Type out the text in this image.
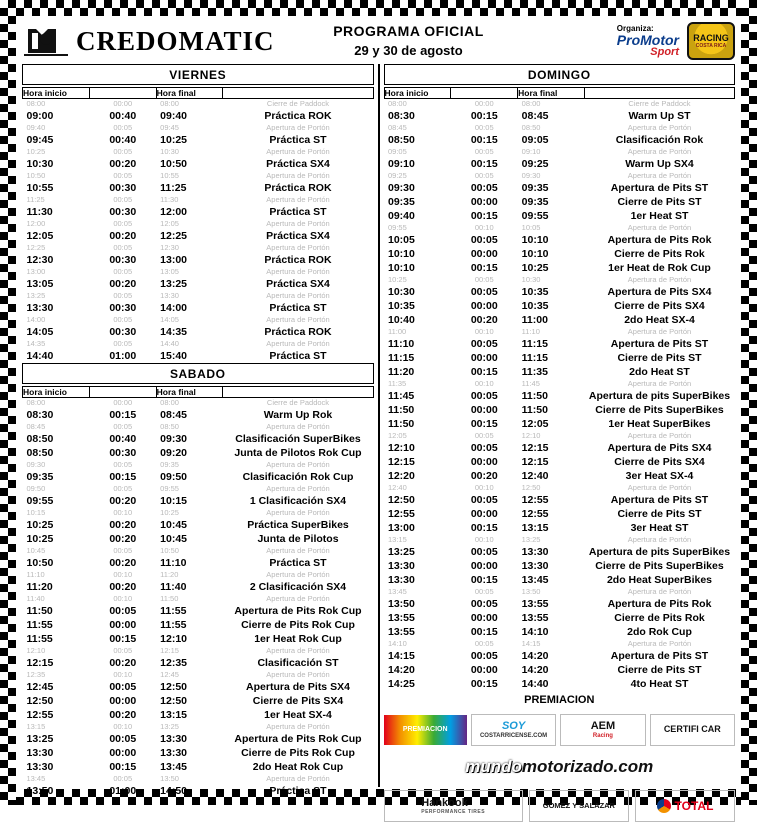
CREDOMATIC	PROGRAMA OFICIAL
29 y 30 de agosto
Organiza:
ProMotor
Sport
RACING
COSTA RICA
VIERNES
Hora inicio		Hora final	
08:00	00:00	08:00	Cierre de Paddock
09:00	00:40	09:40	Práctica ROK
09:40	00:05	09:45	Apertura de Portón
09:45	00:40	10:25	Práctica ST
10:25	00:05	10:30	Apertura de Portón
10:30	00:20	10:50	Práctica SX4
10:50	00:05	10:55	Apertura de Portón
10:55	00:30	11:25	Práctica ROK
11:25	00:05	11:30	Apertura de Portón
11:30	00:30	12:00	Práctica ST
12:00	00:05	12:05	Apertura de Portón
12:05	00:20	12:25	Práctica SX4
12:25	00:05	12:30	Apertura de Portón
12:30	00:30	13:00	Práctica ROK
13:00	00:05	13:05	Apertura de Portón
13:05	00:20	13:25	Práctica SX4
13:25	00:05	13:30	Apertura de Portón
13:30	00:30	14:00	Práctica ST
14:00	00:05	14:05	Apertura de Portón
14:05	00:30	14:35	Práctica ROK
14:35	00:05	14:40	Apertura de Portón
14:40	01:00	15:40	Práctica ST
SABADO
Hora inicio		Hora final	
08:00	00:00	08:00	Cierre de Paddock
08:30	00:15	08:45	Warm Up Rok
08:45	00:05	08:50	Apertura de Portón
08:50	00:40	09:30	Clasificación SuperBikes
08:50	00:30	09:20	Junta de Pilotos Rok Cup
09:30	00:05	09:35	Apertura de Portón
09:35	00:15	09:50	Clasificación Rok Cup
09:50	00:05	09:55	Apertura de Portón
09:55	00:20	10:15	1 Clasificación SX4
10:15	00:10	10:25	Apertura de Portón
10:25	00:20	10:45	Práctica SuperBikes
10:25	00:20	10:45	Junta de Pilotos
10:45	00:05	10:50	Apertura de Portón
10:50	00:20	11:10	Práctica ST
11:10	00:10	11:20	Apertura de Portón
11:20	00:20	11:40	2 Clasificación SX4
11:40	00:10	11:50	Apertura de Portón
11:50	00:05	11:55	Apertura de Pits Rok Cup
11:55	00:00	11:55	Cierre de Pits Rok Cup
11:55	00:15	12:10	1er Heat Rok Cup
12:10	00:05	12:15	Apertura de Portón
12:15	00:20	12:35	Clasificación ST
12:35	00:10	12:45	Apertura de Portón
12:45	00:05	12:50	Apertura de Pits SX4
12:50	00:00	12:50	Cierre de Pits SX4
12:55	00:20	13:15	1er Heat SX-4
13:15	00:10	13:25	Apertura de Portón
13:25	00:05	13:30	Apertura de Pits Rok Cup
13:30	00:00	13:30	Cierre de Pits Rok Cup
13:30	00:15	13:45	2do Heat Rok Cup
13:45	00:05	13:50	Apertura de Portón
13:50	01:00	14:50	Práctica ST
DOMINGO
Hora inicio		Hora final	
08:00	00:00	08:00	Cierre de Paddock
08:30	00:15	08:45	Warm Up ST
08:45	00:05	08:50	Apertura de Portón
08:50	00:15	09:05	Clasificación Rok
09:05	00:05	09:10	Apertura de Portón
09:10	00:15	09:25	Warm Up SX4
09:25	00:05	09:30	Apertura de Portón
09:30	00:05	09:35	Apertura de Pits ST
09:35	00:00	09:35	Cierre de Pits ST
09:40	00:15	09:55	1er Heat ST
09:55	00:10	10:05	Apertura de Portón
10:05	00:05	10:10	Apertura de Pits Rok
10:10	00:00	10:10	Cierre de Pits Rok
10:10	00:15	10:25	1er Heat de Rok Cup
10:25	00:05	10:30	Apertura de Portón
10:30	00:05	10:35	Apertura de Pits SX4
10:35	00:00	10:35	Cierre de Pits SX4
10:40	00:20	11:00	2do Heat SX-4
11:00	00:10	11:10	Apertura de Portón
11:10	00:05	11:15	Apertura de Pits ST
11:15	00:00	11:15	Cierre de Pits ST
11:20	00:15	11:35	2do Heat ST
11:35	00:10	11:45	Apertura de Portón
11:45	00:05	11:50	Apertura de pits SuperBikes
11:50	00:00	11:50	Cierre de Pits SuperBikes
11:50	00:15	12:05	1er Heat SuperBikes
12:05	00:05	12:10	Apertura de Portón
12:10	00:05	12:15	Apertura de Pits SX4
12:15	00:00	12:15	Cierre de Pits SX4
12:20	00:20	12:40	3er Heat SX-4
12:40	00:10	12:50	Apertura de Portón
12:50	00:05	12:55	Apertura de Pits ST
12:55	00:00	12:55	Cierre de Pits ST
13:00	00:15	13:15	3er Heat ST
13:15	00:10	13:25	Apertura de Portón
13:25	00:05	13:30	Apertura de pits SuperBikes
13:30	00:00	13:30	Cierre de Pits SuperBikes
13:30	00:15	13:45	2do Heat SuperBikes
13:45	00:05	13:50	Apertura de Portón
13:50	00:05	13:55	Apertura de Pits Rok
13:55	00:00	13:55	Cierre de Pits Rok
13:55	00:15	14:10	2do Rok Cup
14:10	00:05	14:15	Apertura de Portón
14:15	00:05	14:20	Apertura de Pits ST
14:20	00:00	14:20	Cierre de Pits ST
14:25	00:15	14:40	4to Heat ST
PREMIACION
PREMIACION	SOY
COSTARRICENSE.COM
AEM
Racing
CERTIFI CAR
mundomotorizado.com
Hankook
PERFORMANCE TIRES
GOMEZ Y SALAZAR	TOTAL
